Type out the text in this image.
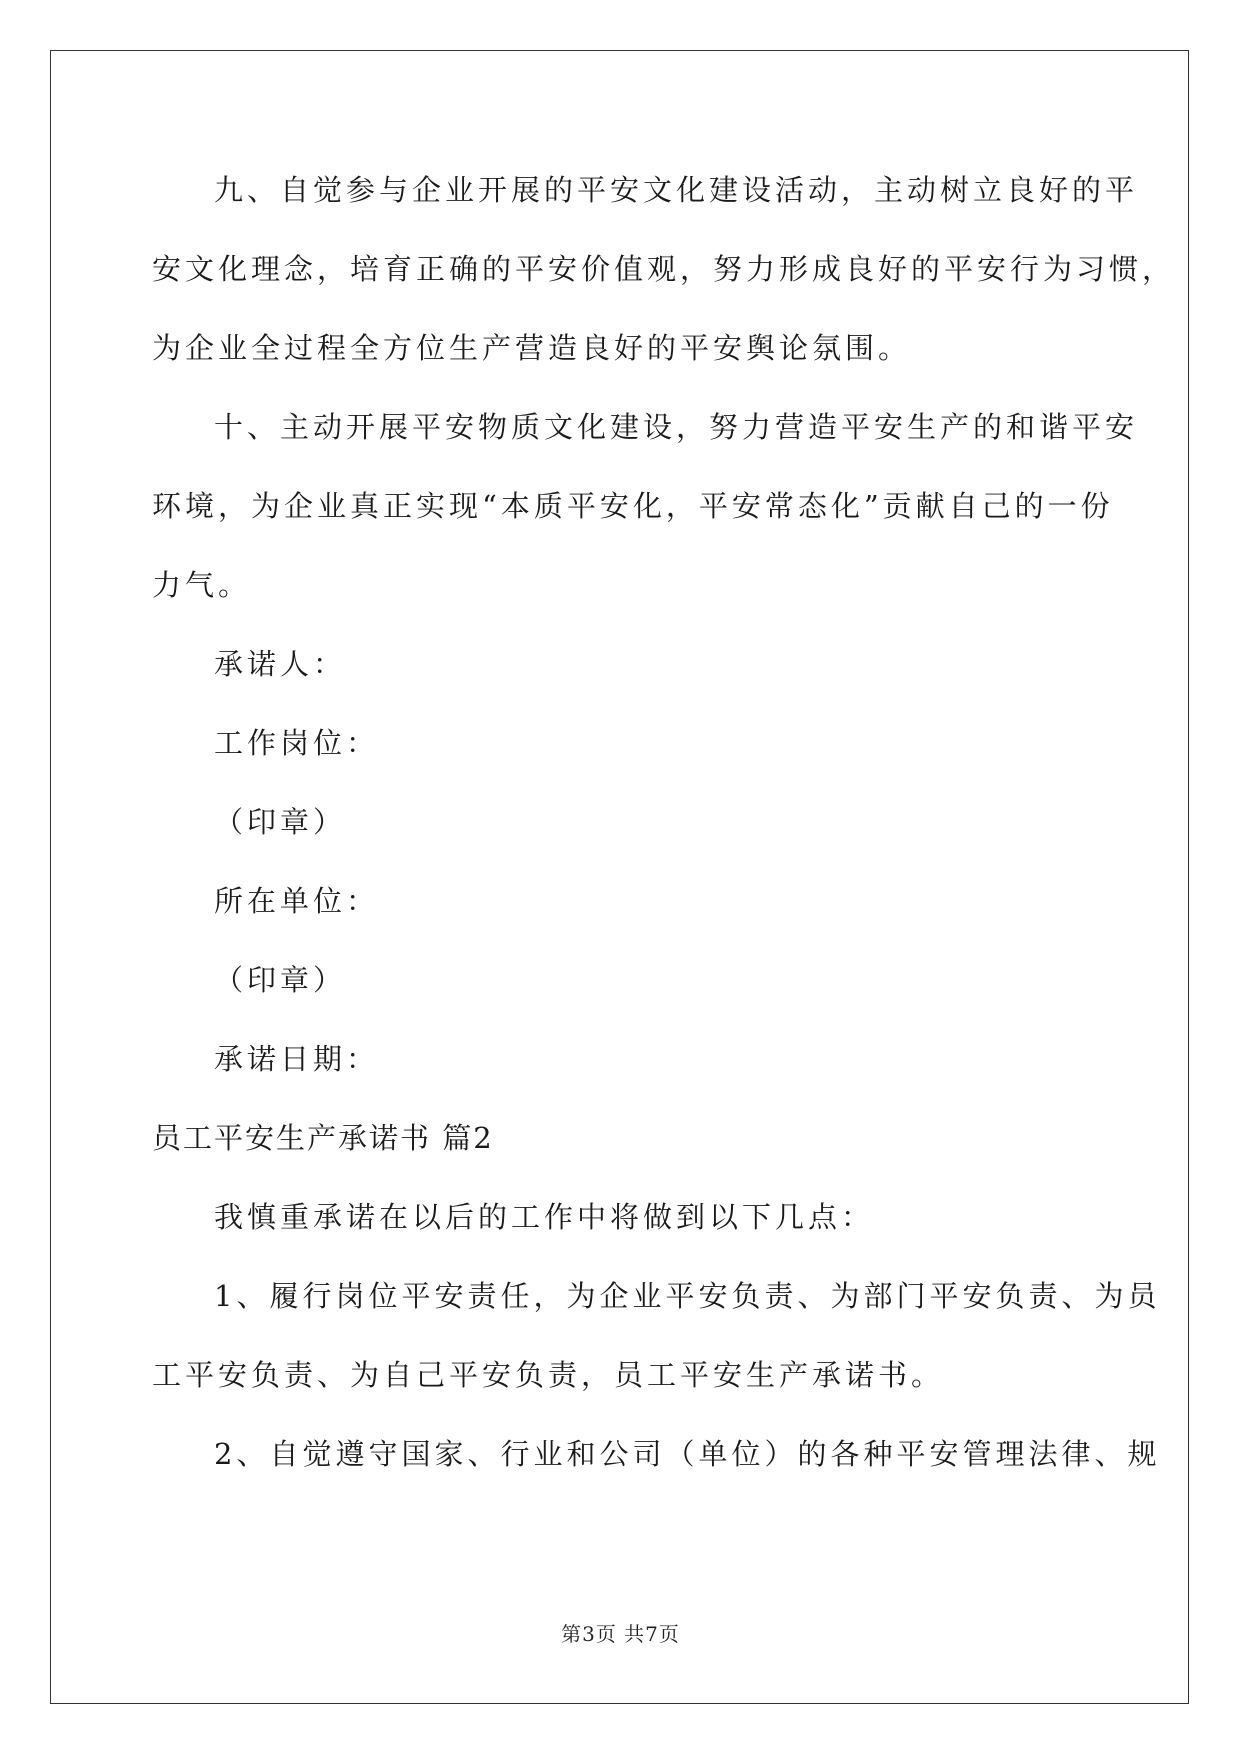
九、自觉参与企业开展的平安文化建设活动，主动树立良好的平
安文化理念，培育正确的平安价值观，努力形成良好的平安行为习惯，
为企业全过程全方位生产营造良好的平安舆论氛围。
十、主动开展平安物质文化建设，努力营造平安生产的和谐平安
环境，为企业真正实现“本质平安化，平安常态化”贡献自己的一份
力气。
承诺人：
工作岗位：
（印章）
所在单位：
（印章）
承诺日期：
员工平安生产承诺书 篇2
我慎重承诺在以后的工作中将做到以下几点：
1、履行岗位平安责任，为企业平安负责、为部门平安负责、为员
工平安负责、为自己平安负责，员工平安生产承诺书。
2、自觉遵守国家、行业和公司（单位）的各种平安管理法律、规
第3页 共7页
